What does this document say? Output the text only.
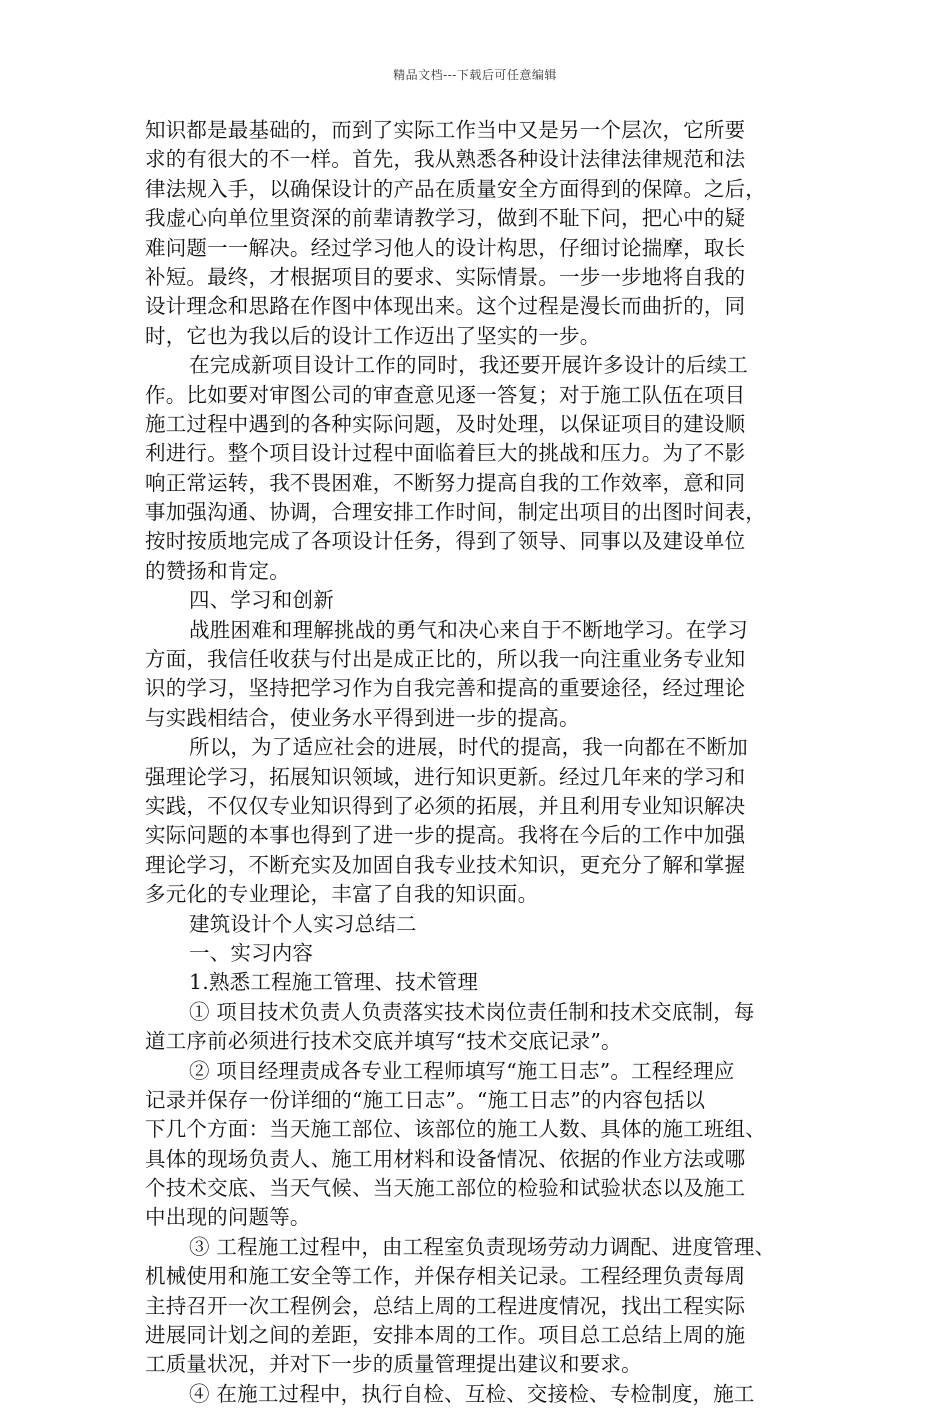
精品文档---下载后可任意编辑
知识都是最基础的，而到了实际工作当中又是另一个层次，它所要
求的有很大的不一样。首先，我从熟悉各种设计法律法律规范和法
律法规入手，以确保设计的产品在质量安全方面得到的保障。之后，
我虚心向单位里资深的前辈请教学习，做到不耻下问，把心中的疑
难问题一一解决。经过学习他人的设计构思，仔细讨论揣摩，取长
补短。最终，才根据项目的要求、实际情景。一步一步地将自我的
设计理念和思路在作图中体现出来。这个过程是漫长而曲折的，同
时，它也为我以后的设计工作迈出了坚实的一步。
在完成新项目设计工作的同时，我还要开展许多设计的后续工
作。比如要对审图公司的审查意见逐一答复；对于施工队伍在项目
施工过程中遇到的各种实际问题，及时处理，以保证项目的建设顺
利进行。整个项目设计过程中面临着巨大的挑战和压力。为了不影
响正常运转，我不畏困难，不断努力提高自我的工作效率，意和同
事加强沟通、协调，合理安排工作时间，制定出项目的出图时间表，
按时按质地完成了各项设计任务，得到了领导、同事以及建设单位
的赞扬和肯定。
四、学习和创新
战胜困难和理解挑战的勇气和决心来自于不断地学习。在学习
方面，我信任收获与付出是成正比的，所以我一向注重业务专业知
识的学习，坚持把学习作为自我完善和提高的重要途径，经过理论
与实践相结合，使业务水平得到进一步的提高。
所以，为了适应社会的进展，时代的提高，我一向都在不断加
强理论学习，拓展知识领域，进行知识更新。经过几年来的学习和
实践，不仅仅专业知识得到了必须的拓展，并且利用专业知识解决
实际问题的本事也得到了进一步的提高。我将在今后的工作中加强
理论学习，不断充实及加固自我专业技术知识，更充分了解和掌握
多元化的专业理论，丰富了自我的知识面。
建筑设计个人实习总结二
一、实习内容
1.熟悉工程施工管理、技术管理
① 项目技术负责人负责落实技术岗位责任制和技术交底制，每
道工序前必须进行技术交底并填写“技术交底记录”。
② 项目经理责成各专业工程师填写“施工日志”。工程经理应
记录并保存一份详细的“施工日志”。“施工日志”的内容包括以
下几个方面：当天施工部位、该部位的施工人数、具体的施工班组、
具体的现场负责人、施工用材料和设备情况、依据的作业方法或哪
个技术交底、当天气候、当天施工部位的检验和试验状态以及施工
中出现的问题等。
③ 工程施工过程中，由工程室负责现场劳动力调配、进度管理、
机械使用和施工安全等工作，并保存相关记录。工程经理负责每周
主持召开一次工程例会，总结上周的工程进度情况，找出工程实际
进展同计划之间的差距，安排本周的工作。项目总工总结上周的施
工质量状况，并对下一步的质量管理提出建议和要求。
④ 在施工过程中，执行自检、互检、交接检、专检制度，施工
